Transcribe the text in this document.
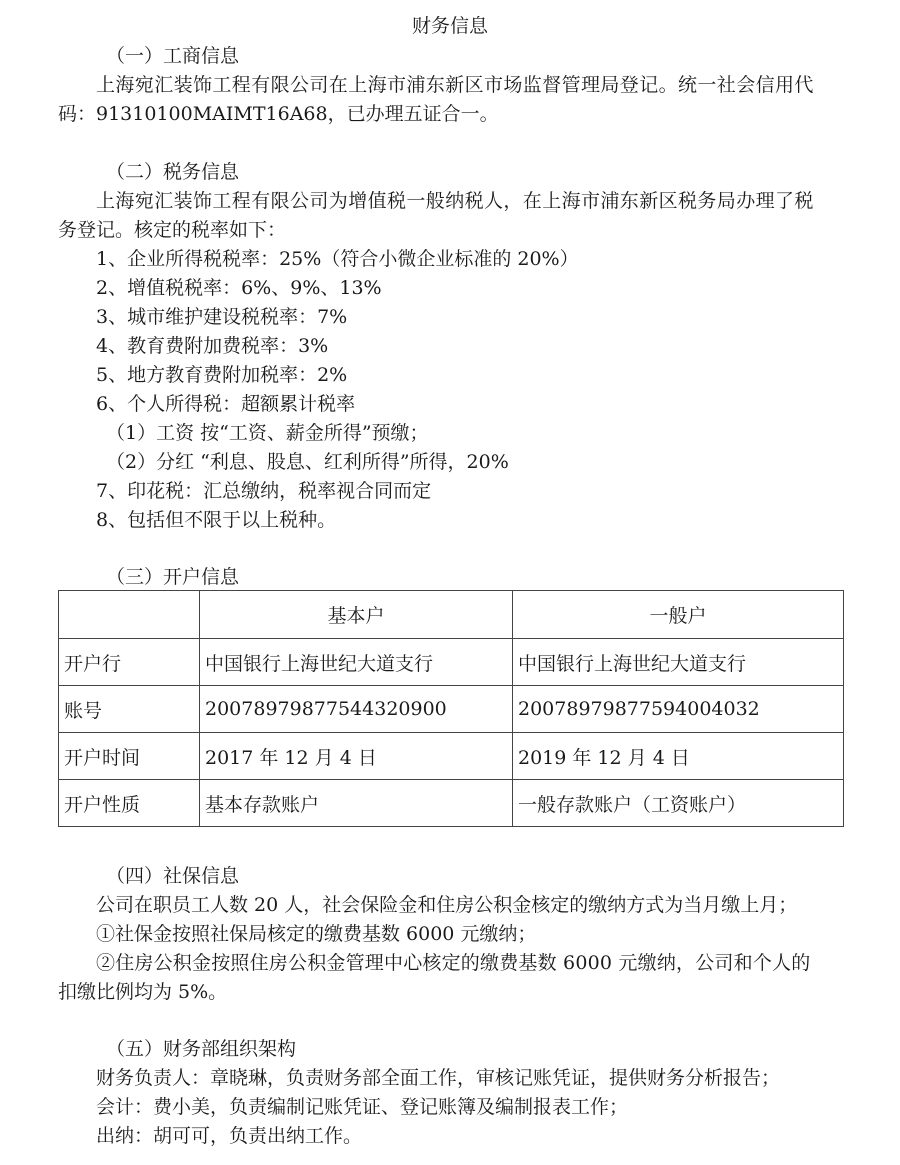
财务信息
（一）工商信息
上海宛汇装饰工程有限公司在上海市浦东新区市场监督管理局登记。统一社会信用代
码：91310100MAIMT16A68，已办理五证合一。
（二）税务信息
上海宛汇装饰工程有限公司为增值税一般纳税人，在上海市浦东新区税务局办理了税
务登记。核定的税率如下：
1、企业所得税税率：25%（符合小微企业标准的 20%）
2、增值税税率：6%、9%、13%
3、城市维护建设税税率：7%
4、教育费附加费税率：3%
5、地方教育费附加税率：2%
6、个人所得税：超额累计税率
（1）工资 按“工资、薪金所得”预缴；
（2）分红 “利息、股息、红利所得”所得，20%
7、印花税：汇总缴纳，税率视合同而定
8、包括但不限于以上税种。
（三）开户信息
	基本户	一般户
开户行	中国银行上海世纪大道支行	中国银行上海世纪大道支行
账号	20078979877544320900	20078979877594004032
开户时间	2017 年 12 月 4 日	2019 年 12 月 4 日
开户性质	基本存款账户	一般存款账户（工资账户）
（四）社保信息
公司在职员工人数 20 人，社会保险金和住房公积金核定的缴纳方式为当月缴上月；
①社保金按照社保局核定的缴费基数 6000 元缴纳；
②住房公积金按照住房公积金管理中心核定的缴费基数 6000 元缴纳，公司和个人的
扣缴比例均为 5%。
（五）财务部组织架构
财务负责人：章晓琳，负责财务部全面工作，审核记账凭证，提供财务分析报告；
会计：费小美，负责编制记账凭证、登记账簿及编制报表工作；
出纳：胡可可，负责出纳工作。
